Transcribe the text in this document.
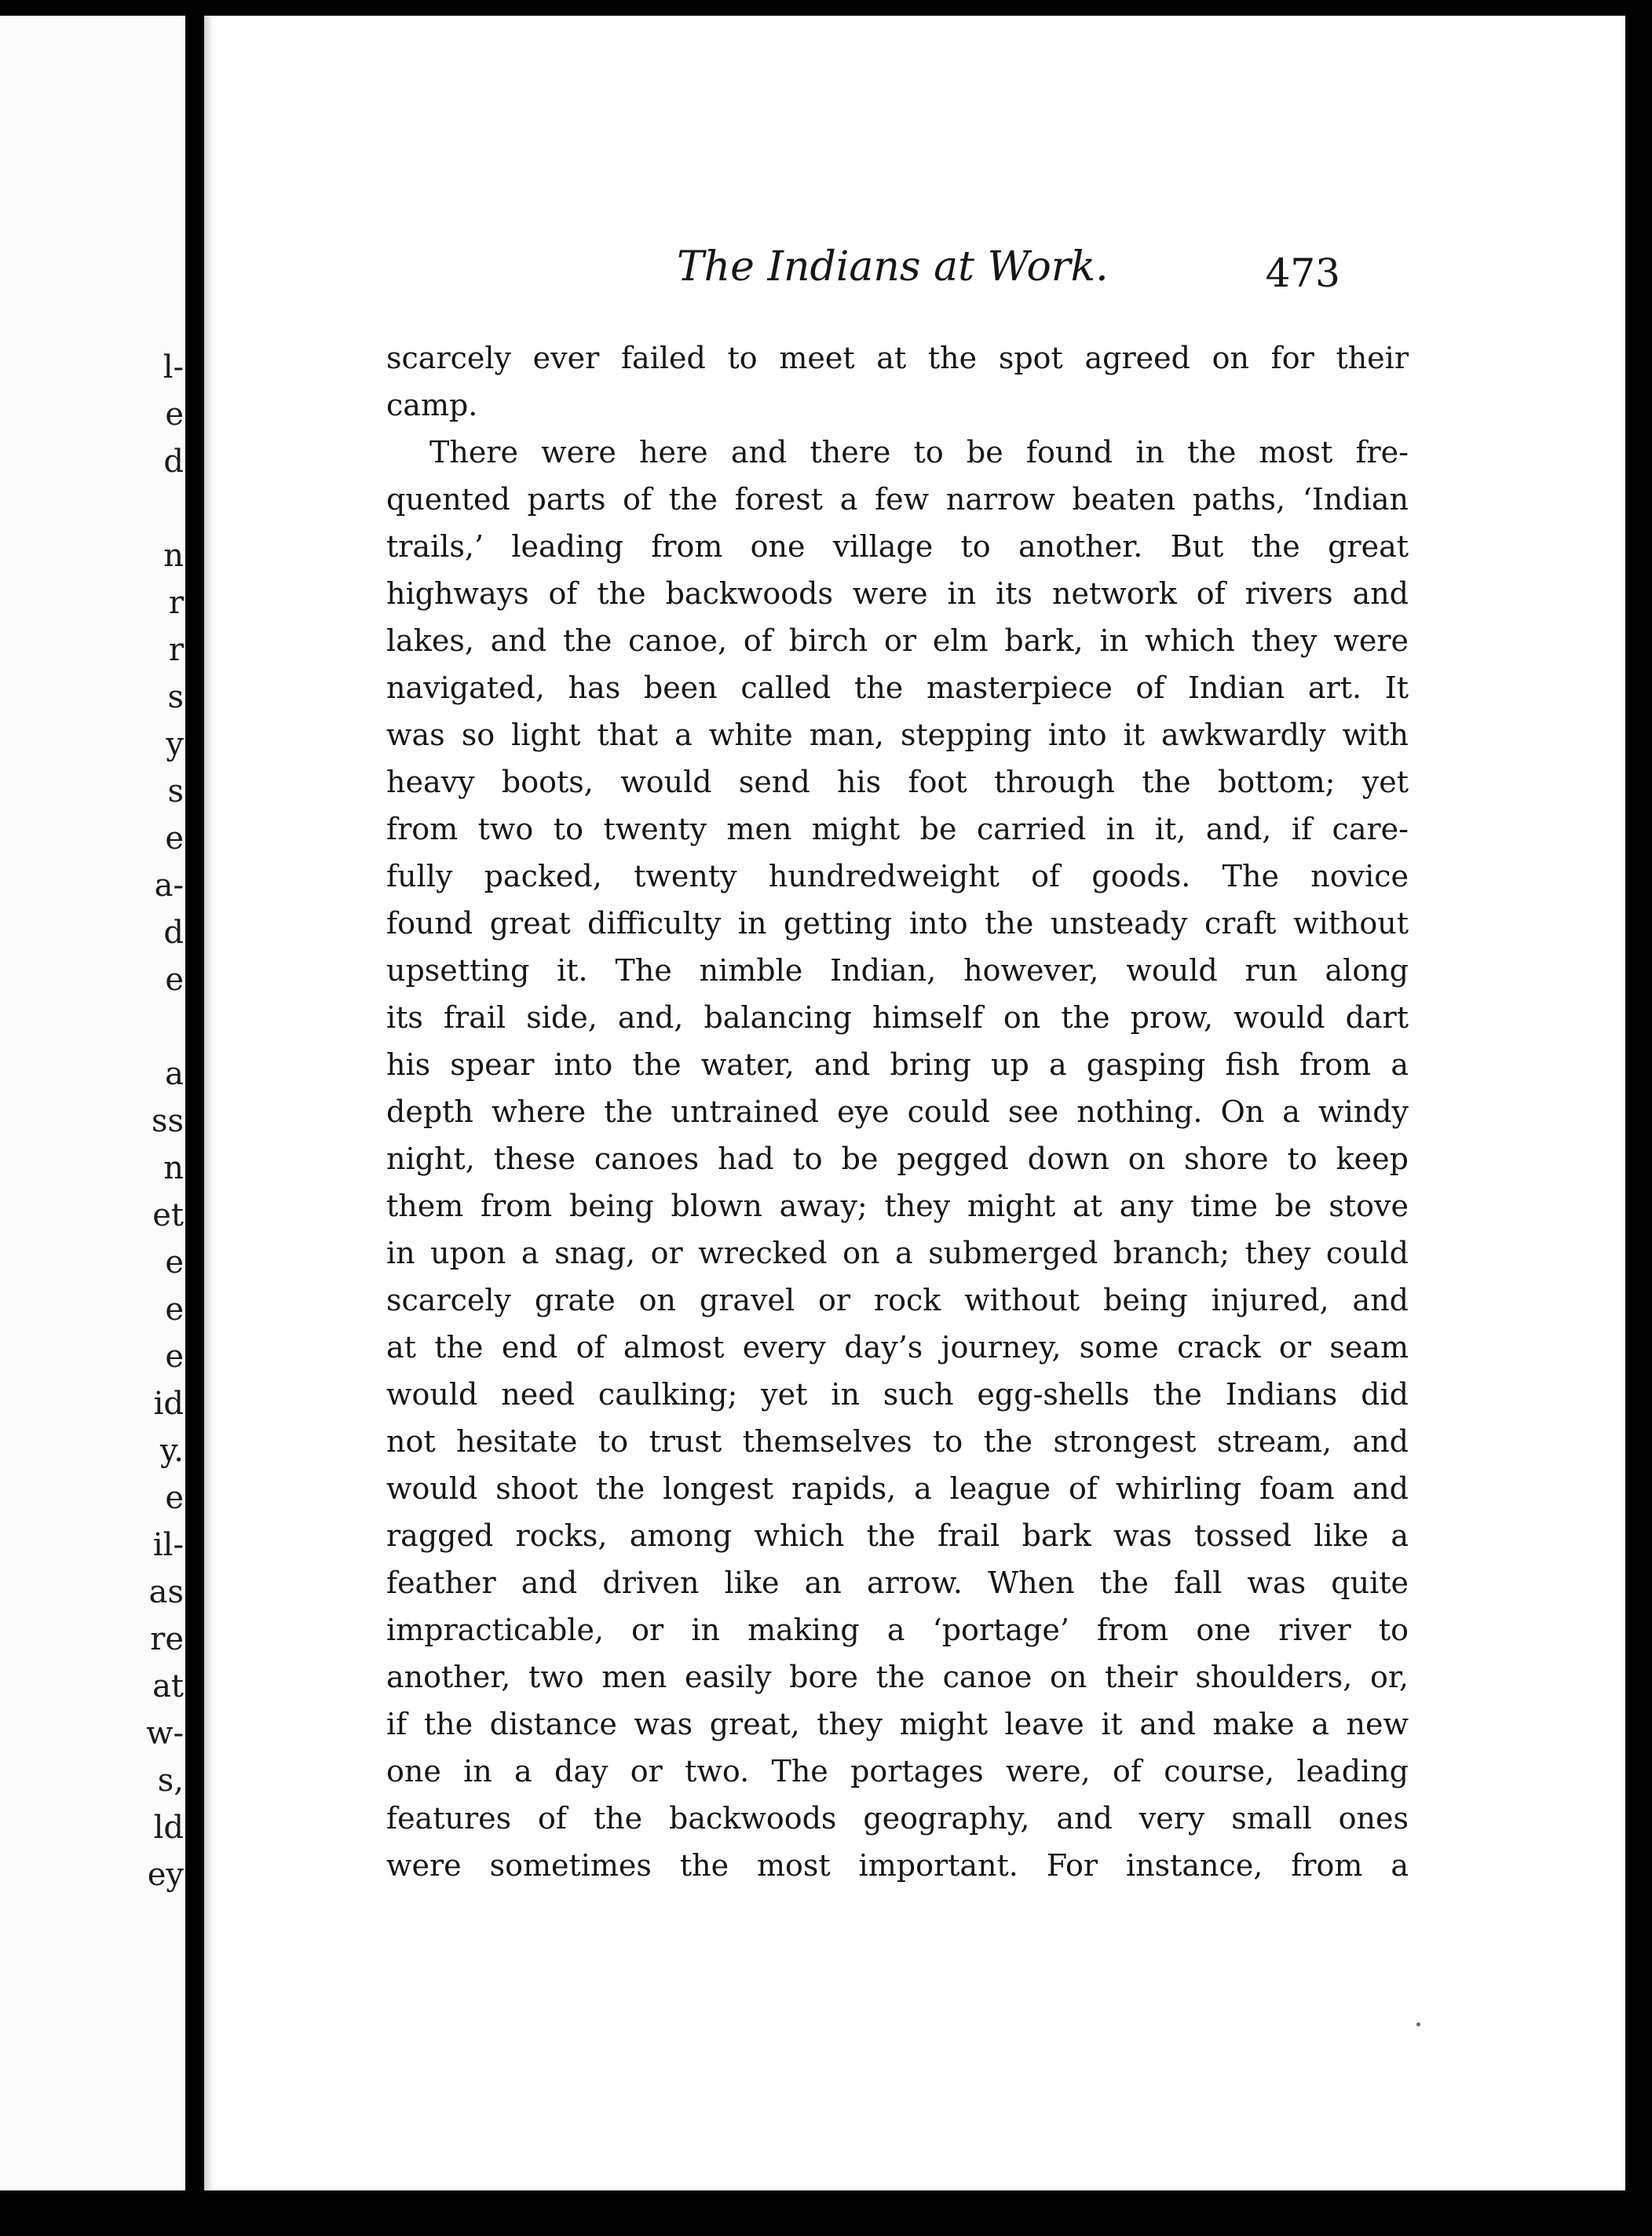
l-

e

d

n

r

r

s

y

s

e

a-

d

e

a

ss

n

et

e

e

e

id

y.

e

il-

as

re

at

w-

s,

ld

ey

The Indians at Work.	473

scarcely ever failed to meet at the spot agreed on for their
camp.
There were here and there to be found in the most fre-
quented parts of the forest a few narrow beaten paths, ‘Indian
trails,’ leading from one village to another. But the great
highways of the backwoods were in its network of rivers and
lakes, and the canoe, of birch or elm bark, in which they were
navigated, has been called the masterpiece of Indian art. It
was so light that a white man, stepping into it awkwardly with
heavy boots, would send his foot through the bottom; yet
from two to twenty men might be carried in it, and, if care-
fully packed, twenty hundredweight of goods. The novice
found great difficulty in getting into the unsteady craft without
upsetting it. The nimble Indian, however, would run along
its frail side, and, balancing himself on the prow, would dart
his spear into the water, and bring up a gasping fish from a
depth where the untrained eye could see nothing. On a windy
night, these canoes had to be pegged down on shore to keep
them from being blown away; they might at any time be stove
in upon a snag, or wrecked on a submerged branch; they could
scarcely grate on gravel or rock without being injured, and
at the end of almost every day’s journey, some crack or seam
would need caulking; yet in such egg-shells the Indians did
not hesitate to trust themselves to the strongest stream, and
would shoot the longest rapids, a league of whirling foam and
ragged rocks, among which the frail bark was tossed like a
feather and driven like an arrow. When the fall was quite
impracticable, or in making a ‘portage’ from one river to
another, two men easily bore the canoe on their shoulders, or,
if the distance was great, they might leave it and make a new
one in a day or two. The portages were, of course, leading
features of the backwoods geography, and very small ones
were sometimes the most important. For instance, from a
